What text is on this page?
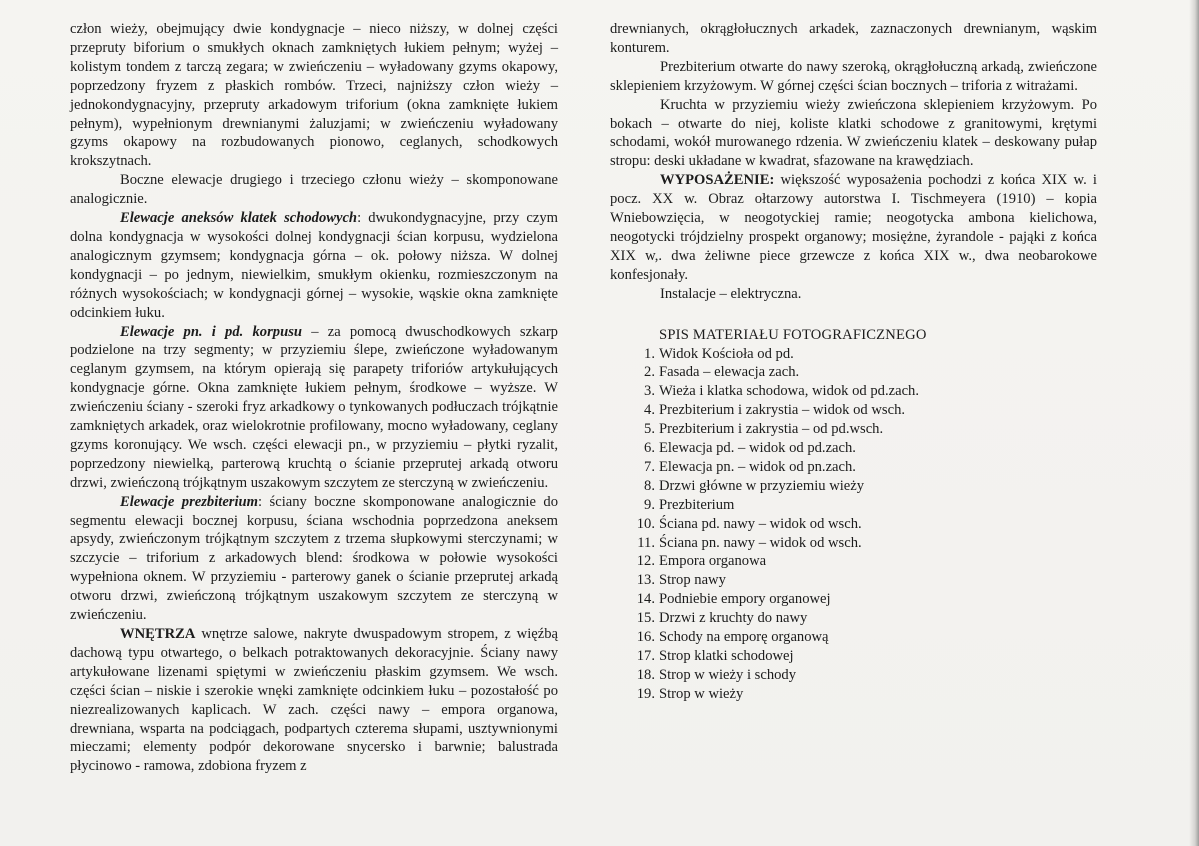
człon wieży, obejmujący dwie kondygnacje – nieco niższy, w dolnej części przepruty biforium o smukłych oknach zamkniętych łukiem pełnym; wyżej – kolistym tondem z tarczą zegara; w zwieńczeniu – wyładowany gzyms okapowy, poprzedzony fryzem z płaskich rombów. Trzeci, najniższy człon wieży – jednokondygnacyjny, przepruty arkadowym triforium (okna zamknięte łukiem pełnym), wypełnionym drewnianymi żaluzjami; w zwieńczeniu wyładowany gzyms okapowy na rozbudowanych pionowo, ceglanych, schodkowych krokszytnach.

Boczne elewacje drugiego i trzeciego członu wieży – skomponowane analogicznie.

Elewacje aneksów klatek schodowych: dwukondygnacyjne, przy czym dolna kondygnacja w wysokości dolnej kondygnacji ścian korpusu, wydzielona analogicznym gzymsem; kondygnacja górna – ok. połowy niższa. W dolnej kondygnacji – po jednym, niewielkim, smukłym okienku, rozmieszczonym na różnych wysokościach; w kondygnacji górnej – wysokie, wąskie okna zamknięte odcinkiem łuku.

Elewacje pn. i pd. korpusu – za pomocą dwuschodkowych szkarp podzielone na trzy segmenty; w przyziemiu ślepe, zwieńczone wyładowanym ceglanym gzymsem, na którym opierają się parapety triforiów artykułujących kondygnacje górne. Okna zamknięte łukiem pełnym, środkowe – wyższe. W zwieńczeniu ściany - szeroki fryz arkadkowy o tynkowanych podłuczach trójkątnie zamkniętych arkadek, oraz wielokrotnie profilowany, mocno wyładowany, ceglany gzyms koronujący. We wsch. części elewacji pn., w przyziemiu – płytki ryzalit, poprzedzony niewielką, parterową kruchtą o ścianie przeprutej arkadą otworu drzwi, zwieńczoną trójkątnym uszakowym szczytem ze sterczyną w zwieńczeniu.

Elewacje prezbiterium: ściany boczne skomponowane analogicznie do segmentu elewacji bocznej korpusu, ściana wschodnia poprzedzona aneksem apsydy, zwieńczonym trójkątnym szczytem z trzema słupkowymi sterczynami; w szczycie – triforium z arkadowych blend: środkowa w połowie wysokości wypełniona oknem. W przyziemiu - parterowy ganek o ścianie przeprutej arkadą otworu drzwi, zwieńczoną trójkątnym uszakowym szczytem ze sterczyną w zwieńczeniu.

WNĘTRZA wnętrze salowe, nakryte dwuspadowym stropem, z więźbą dachową typu otwartego, o belkach potraktowanych dekoracyjnie. Ściany nawy artykułowane lizenami spiętymi w zwieńczeniu płaskim gzymsem. We wsch. części ścian – niskie i szerokie wnęki zamknięte odcinkiem łuku – pozostałość po niezrealizowanych kaplicach. W zach. części nawy – empora organowa, drewniana, wsparta na podciągach, podpartych czterema słupami, usztywnionymi mieczami; elementy podpór dekorowane snycersko i barwnie; balustrada płycinowo - ramowa, zdobiona fryzem z

drewnianych, okrągłołucznych arkadek, zaznaczonych drewnianym, wąskim konturem.

Prezbiterium otwarte do nawy szeroką, okrągłołuczną arkadą, zwieńczone sklepieniem krzyżowym. W górnej części ścian bocznych – triforia z witrażami.

Kruchta w przyziemiu wieży zwieńczona sklepieniem krzyżowym. Po bokach – otwarte do niej, koliste klatki schodowe z granitowymi, krętymi schodami, wokół murowanego rdzenia. W zwieńczeniu klatek – deskowany pułap stropu: deski układane w kwadrat, sfazowane na krawędziach.

WYPOSAŻENIE: większość wyposażenia pochodzi z końca XIX w. i pocz. XX w. Obraz ołtarzowy autorstwa I. Tischmeyera (1910) – kopia Wniebowzięcia, w neogotyckiej ramie; neogotycka ambona kielichowa, neogotycki trójdzielny prospekt organowy; mosiężne, żyrandole - pająki z końca XIX w,. dwa żeliwne piece grzewcze z końca XIX w., dwa neobarokowe konfesjonały.

Instalacje – elektryczna.

SPIS MATERIAŁU FOTOGRAFICZNEGO
1. Widok Kościoła od pd.
2. Fasada – elewacja zach.
3. Wieża i klatka schodowa, widok od pd.zach.
4. Prezbiterium i zakrystia – widok od wsch.
5. Prezbiterium i zakrystia – od pd.wsch.
6. Elewacja pd. – widok od pd.zach.
7. Elewacja pn. – widok od pn.zach.
8. Drzwi główne w przyziemiu wieży
9. Prezbiterium
10. Ściana pd. nawy – widok od wsch.
11. Ściana pn. nawy – widok od wsch.
12. Empora organowa
13. Strop nawy
14. Podniebie empory organowej
15. Drzwi z kruchty do nawy
16. Schody na emporę organową
17. Strop klatki schodowej
18. Strop w wieży i schody
19. Strop w wieży
